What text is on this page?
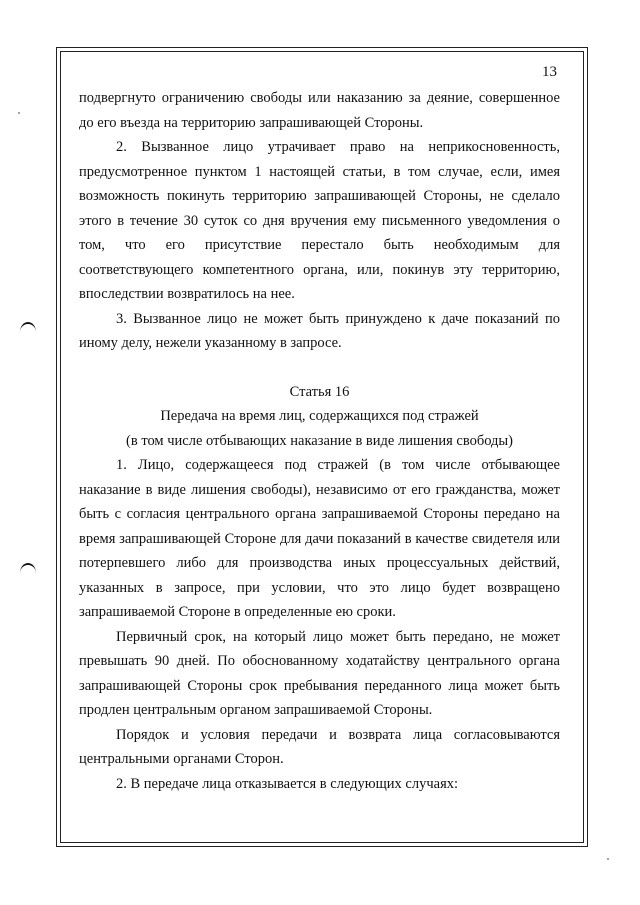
13

подвергнуто ограничению свободы или наказанию за деяние, совершенное до его въезда на территорию запрашивающей Стороны.

2. Вызванное лицо утрачивает право на неприкосновенность, предусмотренное пунктом 1 настоящей статьи, в том случае, если, имея возможность покинуть территорию запрашивающей Стороны, не сделало этого в течение 30 суток со дня вручения ему письменного уведомления о том, что его присутствие перестало быть необходимым для соответствующего компетентного органа, или, покинув эту территорию, впоследствии возвратилось на нее.

3. Вызванное лицо не может быть принуждено к даче показаний по иному делу, нежели указанному в запросе.

Статья 16

Передача на время лиц, содержащихся под стражей

(в том числе отбывающих наказание в виде лишения свободы)

1. Лицо, содержащееся под стражей (в том числе отбывающее наказание в виде лишения свободы), независимо от его гражданства, может быть с согласия центрального органа запрашиваемой Стороны передано на время запрашивающей Стороне для дачи показаний в качестве свидетеля или потерпевшего либо для производства иных процессуальных действий, указанных в запросе, при условии, что это лицо будет возвращено запрашиваемой Стороне в определенные ею сроки.

Первичный срок, на который лицо может быть передано, не может превышать 90 дней. По обоснованному ходатайству центрального органа запрашивающей Стороны срок пребывания переданного лица может быть продлен центральным органом запрашиваемой Стороны.

Порядок и условия передачи и возврата лица согласовываются центральными органами Сторон.

2. В передаче лица отказывается в следующих случаях:
